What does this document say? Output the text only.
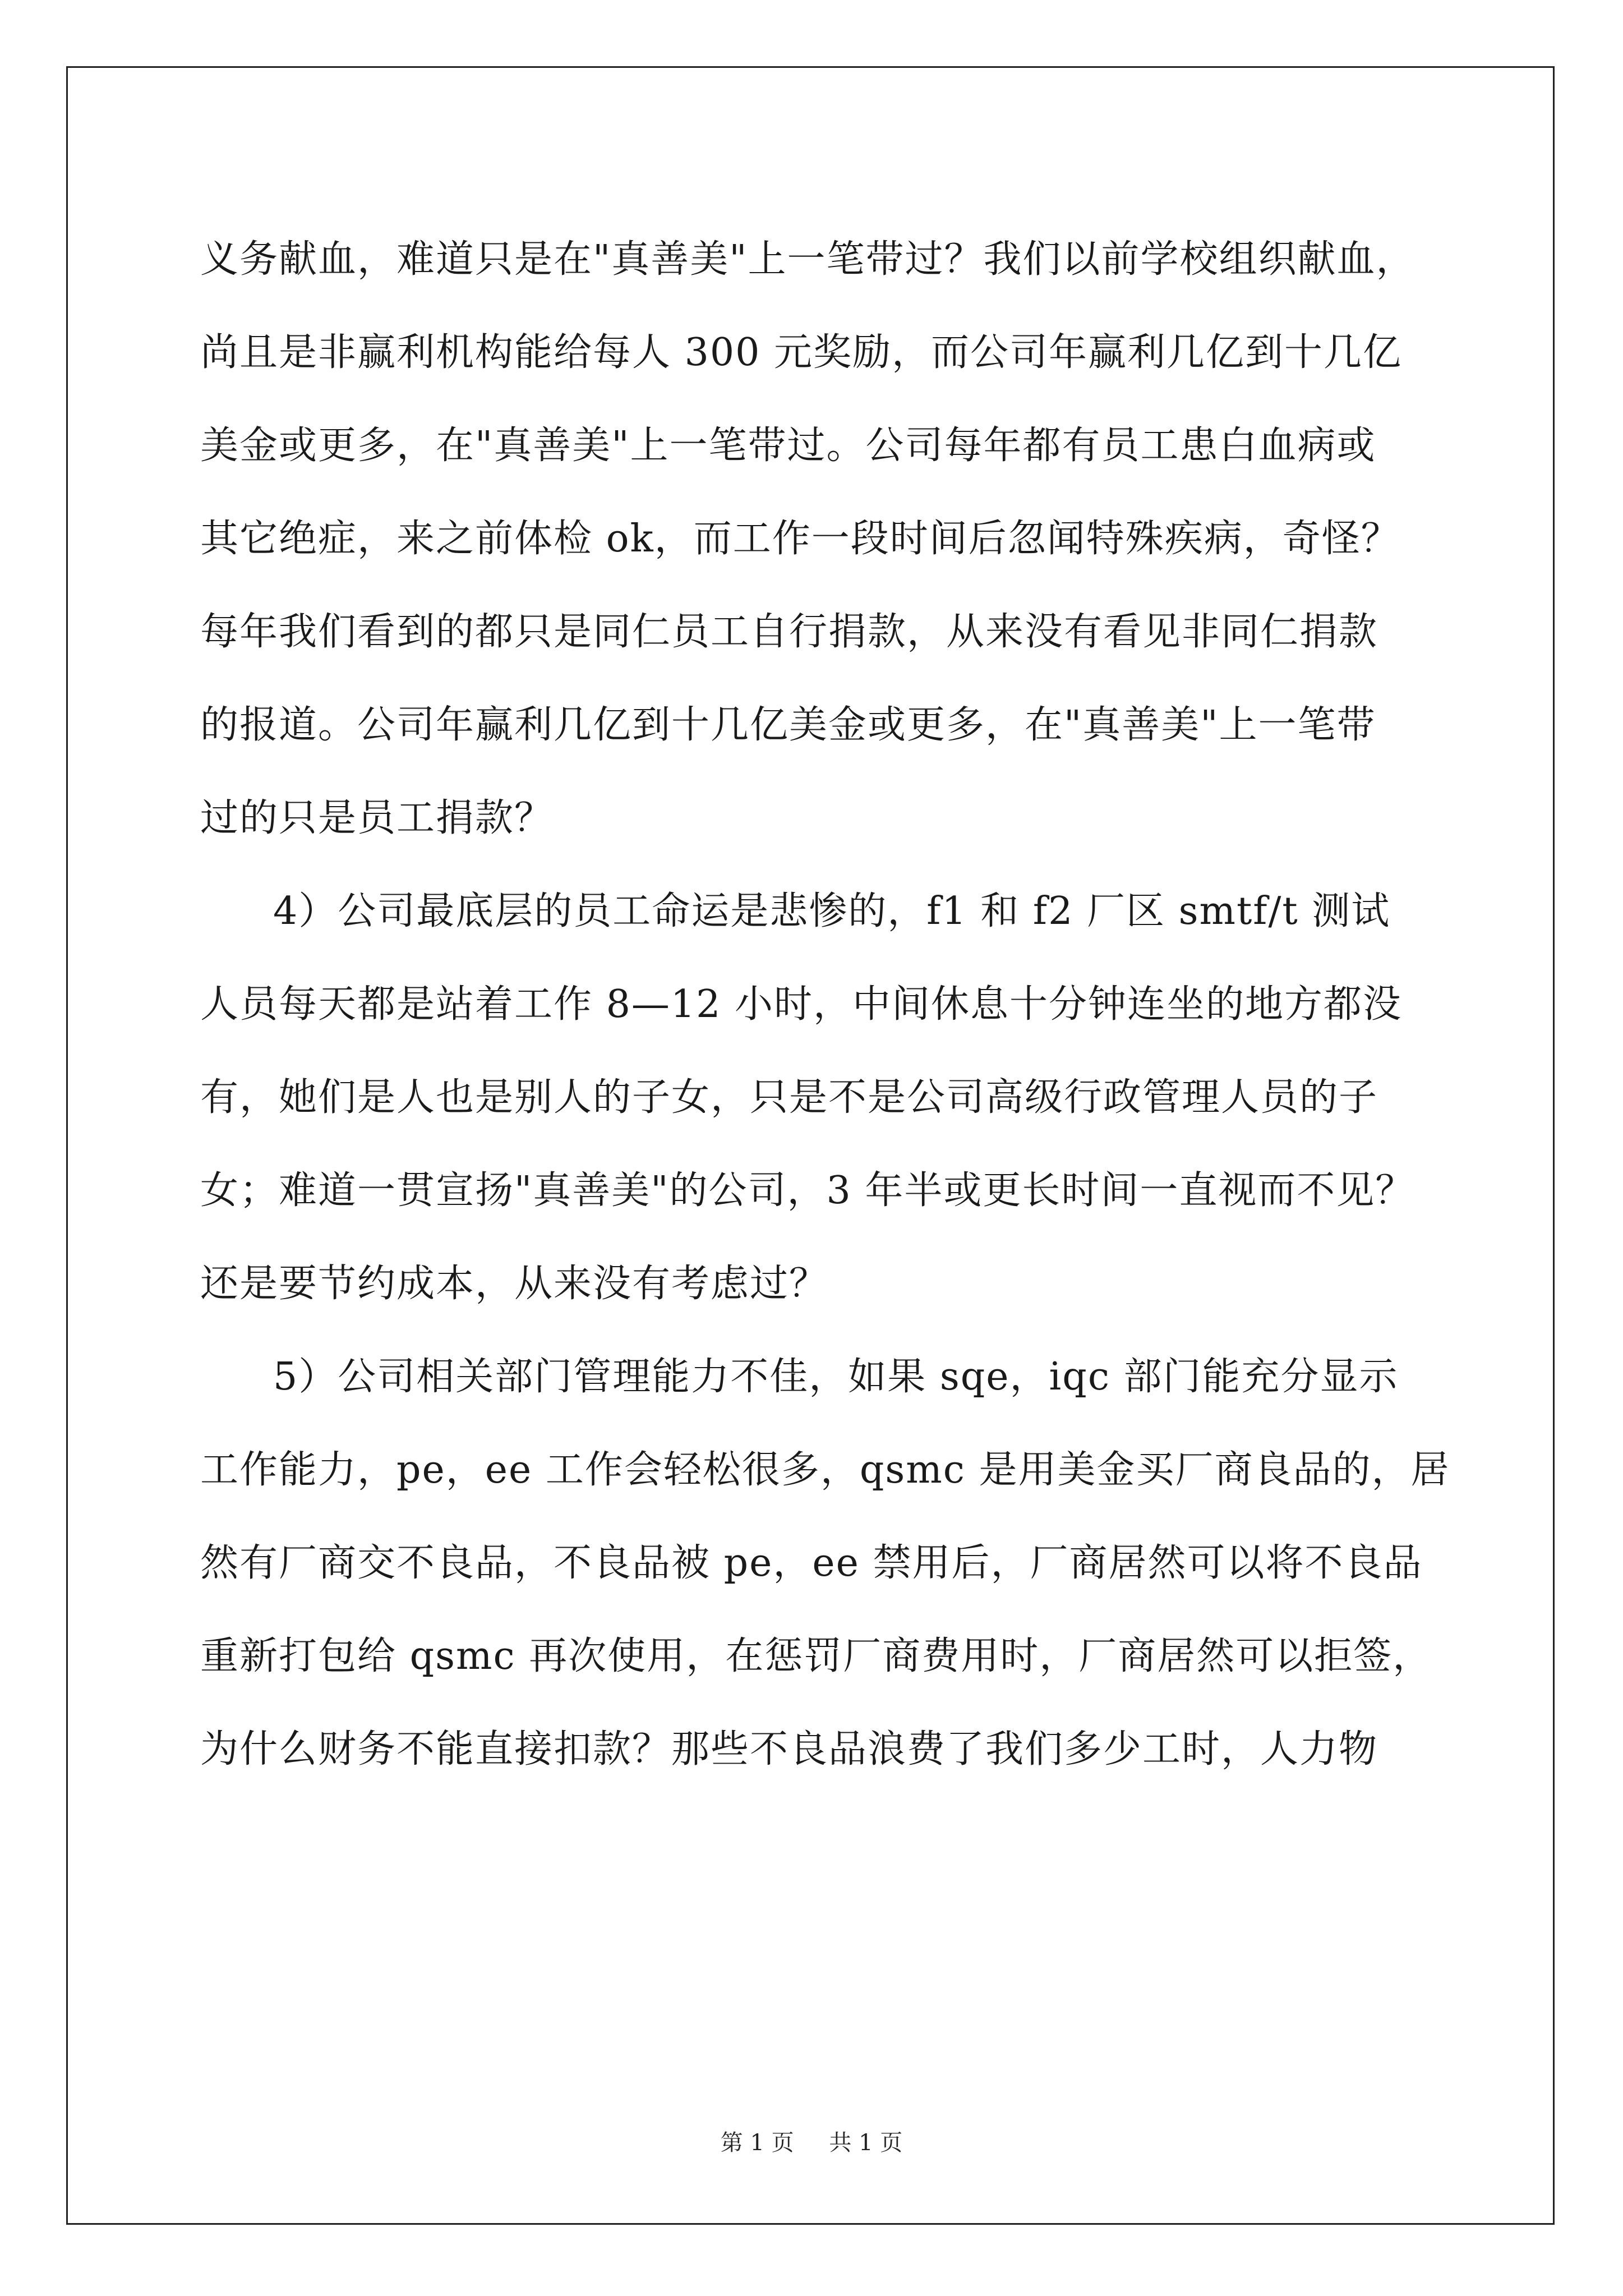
义务献血，难道只是在"真善美"上一笔带过？我们以前学校组织献血，
尚且是非赢利机构能给每人 300 元奖励，而公司年赢利几亿到十几亿
美金或更多，在"真善美"上一笔带过。公司每年都有员工患白血病或
其它绝症，来之前体检 ok，而工作一段时间后忽闻特殊疾病，奇怪？
每年我们看到的都只是同仁员工自行捐款，从来没有看见非同仁捐款
的报道。公司年赢利几亿到十几亿美金或更多，在"真善美"上一笔带
过的只是员工捐款？
4）公司最底层的员工命运是悲惨的，f1 和 f2 厂区 smtf/t 测试
人员每天都是站着工作 8—12 小时，中间休息十分钟连坐的地方都没
有，她们是人也是别人的子女，只是不是公司高级行政管理人员的子
女；难道一贯宣扬"真善美"的公司，3 年半或更长时间一直视而不见？
还是要节约成本，从来没有考虑过？
5）公司相关部门管理能力不佳，如果 sqe，iqc 部门能充分显示
工作能力，pe，ee 工作会轻松很多，qsmc 是用美金买厂商良品的，居
然有厂商交不良品，不良品被 pe，ee 禁用后，厂商居然可以将不良品
重新打包给 qsmc 再次使用，在惩罚厂商费用时，厂商居然可以拒签，
为什么财务不能直接扣款？那些不良品浪费了我们多少工时，人力物
第 1 页 共 1 页
